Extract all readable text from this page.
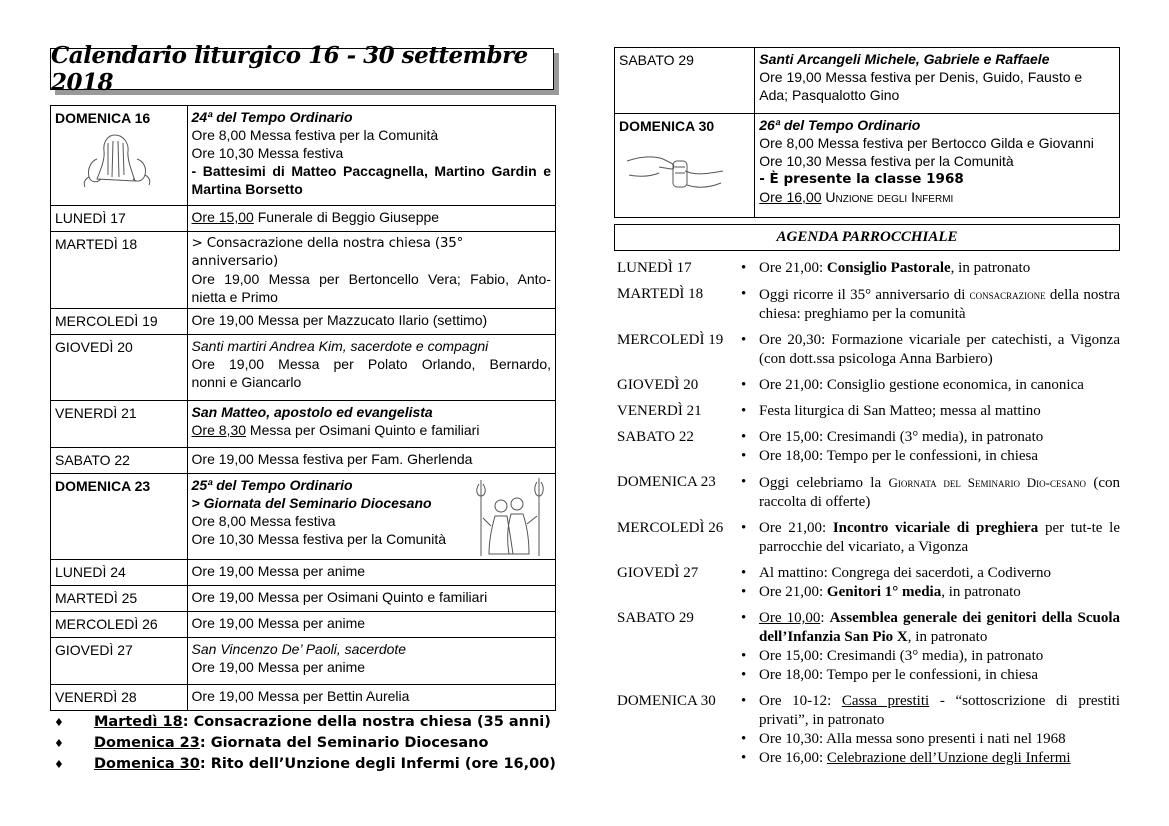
Calendario liturgico 16 - 30 settembre 2018
DOMENICA 16	24ª del Tempo Ordinario
Ore 8,00 Messa festiva per la Comunità
Ore 10,30 Messa festiva
- Battesimi di Matteo Paccagnella, Martino Gardin e
Martina Borsetto

LUNEDÌ 17	Ore 15,00 Funerale di Beggio Giuseppe
MARTEDÌ 18	> Consacrazione della nostra chiesa (35° anniversario)
Ore 19,00 Messa per Bertoncello Vera; Fabio, Anto-
nietta e Primo

MERCOLEDÌ 19	Ore 19,00 Messa per Mazzucato Ilario (settimo)
GIOVEDÌ 20	Santi martiri Andrea Kim, sacerdote e compagni
Ore 19,00 Messa per Polato Orlando, Bernardo,
nonni e Giancarlo

VENERDÌ 21	San Matteo, apostolo ed evangelista
Ore 8,30 Messa per Osimani Quinto e familiari

SABATO 22	Ore 19,00 Messa festiva per Fam. Gherlenda
DOMENICA 23	25ª del Tempo Ordinario
> Giornata del Seminario Diocesano
Ore 8,00 Messa festiva
Ore 10,30 Messa festiva per la Comunità

LUNEDÌ 24	Ore 19,00 Messa per anime
MARTEDÌ 25	Ore 19,00 Messa per Osimani Quinto e familiari
MERCOLEDÌ 26	Ore 19,00 Messa per anime
GIOVEDÌ 27	San Vincenzo De’ Paoli, sacerdote
Ore 19,00 Messa per anime

VENERDÌ 28	Ore 19,00 Messa per Bettin Aurelia
♦ Martedì 18: Consacrazione della nostra chiesa (35 anni)
♦ Domenica 23: Giornata del Seminario Diocesano
♦ Domenica 30: Rito dell’Unzione degli Infermi (ore 16,00)
SABATO 29	Santi Arcangeli Michele, Gabriele e Raffaele
Ore 19,00 Messa festiva per Denis, Guido, Fausto e
Ada; Pasqualotto Gino

DOMENICA 30	26ª del Tempo Ordinario
Ore 8,00 Messa festiva per Bertocco Gilda e Giovanni
Ore 10,30 Messa festiva per la Comunità
- È presente la classe 1968
Ore 16,00 Unzione degli Infermi
AGENDA PARROCCHIALE
LUNEDÌ 17	• Ore 21,00: Consiglio Pastorale, in patronato
MARTEDÌ 18	• Oggi ricorre il 35° anniversario di consacrazione della nostra chiesa: preghiamo per la comunità
MERCOLEDÌ 19	• Ore 20,30: Formazione vicariale per catechisti, a Vigonza (con dott.ssa psicologa Anna Barbiero)
GIOVEDÌ 20	• Ore 21,00: Consiglio gestione economica, in canonica
VENERDÌ 21	• Festa liturgica di San Matteo; messa al mattino
SABATO 22	• Ore 15,00: Cresimandi (3° media), in patronato
• Ore 18,00: Tempo per le confessioni, in chiesa
DOMENICA 23	• Oggi celebriamo la Giornata del Seminario Dio-cesano (con raccolta di offerte)
MERCOLEDÌ 26	• Ore 21,00: Incontro vicariale di preghiera per tut-te le parrocchie del vicariato, a Vigonza
GIOVEDÌ 27	• Al mattino: Congrega dei sacerdoti, a Codiverno
• Ore 21,00: Genitori 1° media, in patronato
SABATO 29	• Ore 10,00: Assemblea generale dei genitori della Scuola dell’Infanzia San Pio X, in patronato
• Ore 15,00: Cresimandi (3° media), in patronato
• Ore 18,00: Tempo per le confessioni, in chiesa
DOMENICA 30	• Ore 10-12: Cassa prestiti - “sottoscrizione di prestiti privati”, in patronato
• Ore 10,30: Alla messa sono presenti i nati nel 1968
• Ore 16,00: Celebrazione dell’Unzione degli Infermi
